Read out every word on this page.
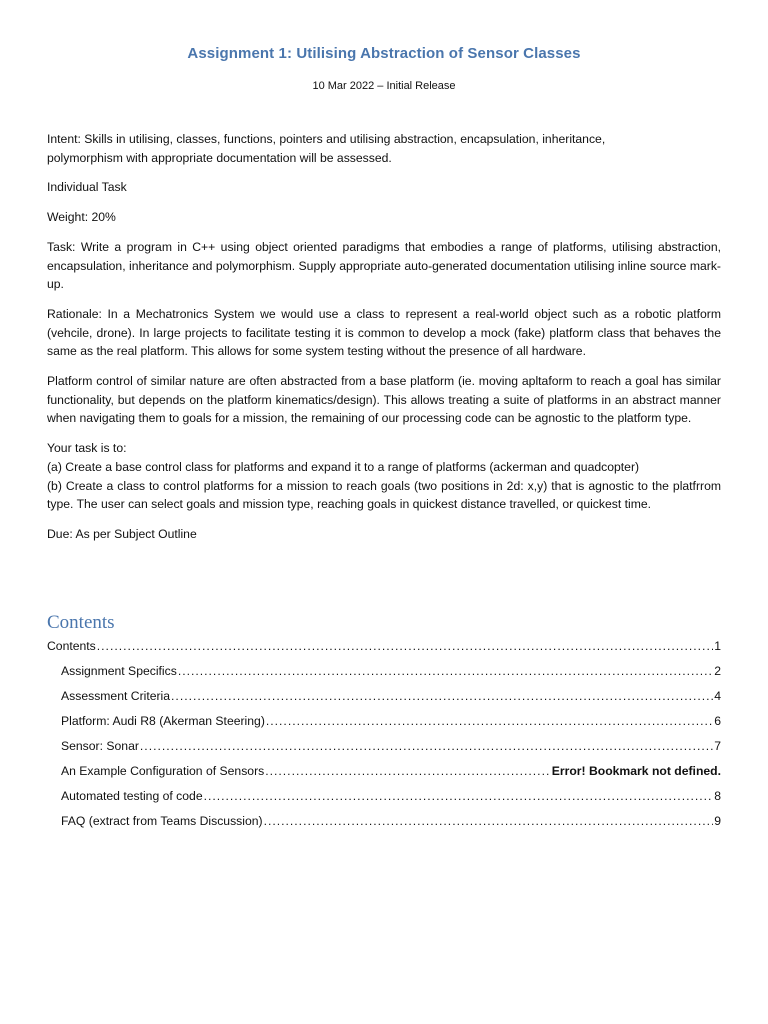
Assignment 1: Utilising Abstraction of Sensor Classes
10 Mar 2022 – Initial Release

Intent: Skills in utilising, classes, functions, pointers and utilising abstraction, encapsulation, inheritance,

polymorphism with appropriate documentation will be assessed.

Individual Task

Weight: 20%

Task: Write a program in C++ using object oriented paradigms that embodies a range of platforms, utilising abstraction, encapsulation, inheritance and polymorphism. Supply appropriate auto-generated documentation utilising inline source mark-up.

Rationale: In a Mechatronics System we would use a class to represent a real-world object such as a robotic platform (vehcile, drone). In large projects to facilitate testing it is common to develop a mock (fake) platform class that behaves the same as the real platform. This allows for some system testing without the presence of all hardware.

Platform control of similar nature are often abstracted from a base platform (ie. moving apltaform to reach a goal has similar functionality, but depends on the platform kinematics/design). This allows treating a suite of platforms in an abstract manner when navigating them to goals for a mission, the remaining of our processing code can be agnostic to the platform type.

Your task is to:

(a) Create a base control class for platforms and expand it to a range of platforms (ackerman and quadcopter)

(b) Create a class to control platforms for a mission to reach goals (two positions in 2d: x,y) that is agnostic to the platfrrom type. The user can select goals and mission type, reaching goals in quickest distance travelled, or quickest time.

Due: As per Subject Outline

Contents
Contents .....	1
Assignment Specifics .....	2
Assessment Criteria .....	4
Platform: Audi R8 (Akerman Steering) .....	6
Sensor: Sonar .....	7
An Example Configuration of Sensors .....	Error! Bookmark not defined.
Automated testing of code .....	8
FAQ (extract from Teams Discussion) .....	9
